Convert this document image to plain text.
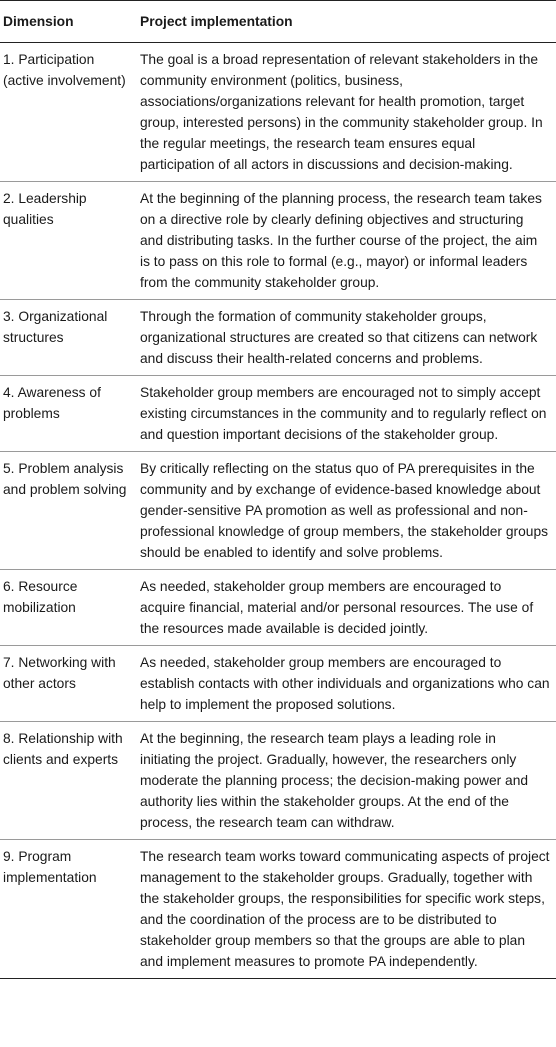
Dimension	Project implementation
1. Participation (active involvement)	The goal is a broad representation of relevant stakeholders in the community environment (politics, business, associations/organizations relevant for health promotion, target group, interested persons) in the community stakeholder group. In the regular meetings, the research team ensures equal participation of all actors in discussions and decision-making.
2. Leadership qualities	At the beginning of the planning process, the research team takes on a directive role by clearly defining objectives and structuring and distributing tasks. In the further course of the project, the aim is to pass on this role to formal (e.g., mayor) or informal leaders from the community stakeholder group.
3. Organizational structures	Through the formation of community stakeholder groups, organizational structures are created so that citizens can network and discuss their health-related concerns and problems.
4. Awareness of problems	Stakeholder group members are encouraged not to simply accept existing circumstances in the community and to regularly reflect on and question important decisions of the stakeholder group.
5. Problem analysis and problem solving	By critically reflecting on the status quo of PA prerequisites in the community and by exchange of evidence-based knowledge about gender-sensitive PA promotion as well as professional and non-professional knowledge of group members, the stakeholder groups should be enabled to identify and solve problems.
6. Resource mobilization	As needed, stakeholder group members are encouraged to acquire financial, material and/or personal resources. The use of the resources made available is decided jointly.
7. Networking with other actors	As needed, stakeholder group members are encouraged to establish contacts with other individuals and organizations who can help to implement the proposed solutions.
8. Relationship with clients and experts	At the beginning, the research team plays a leading role in initiating the project. Gradually, however, the researchers only moderate the planning process; the decision-making power and authority lies within the stakeholder groups. At the end of the process, the research team can withdraw.
9. Program implementation	The research team works toward communicating aspects of project management to the stakeholder groups. Gradually, together with the stakeholder groups, the responsibilities for specific work steps, and the coordination of the process are to be distributed to stakeholder group members so that the groups are able to plan and implement measures to promote PA independently.
